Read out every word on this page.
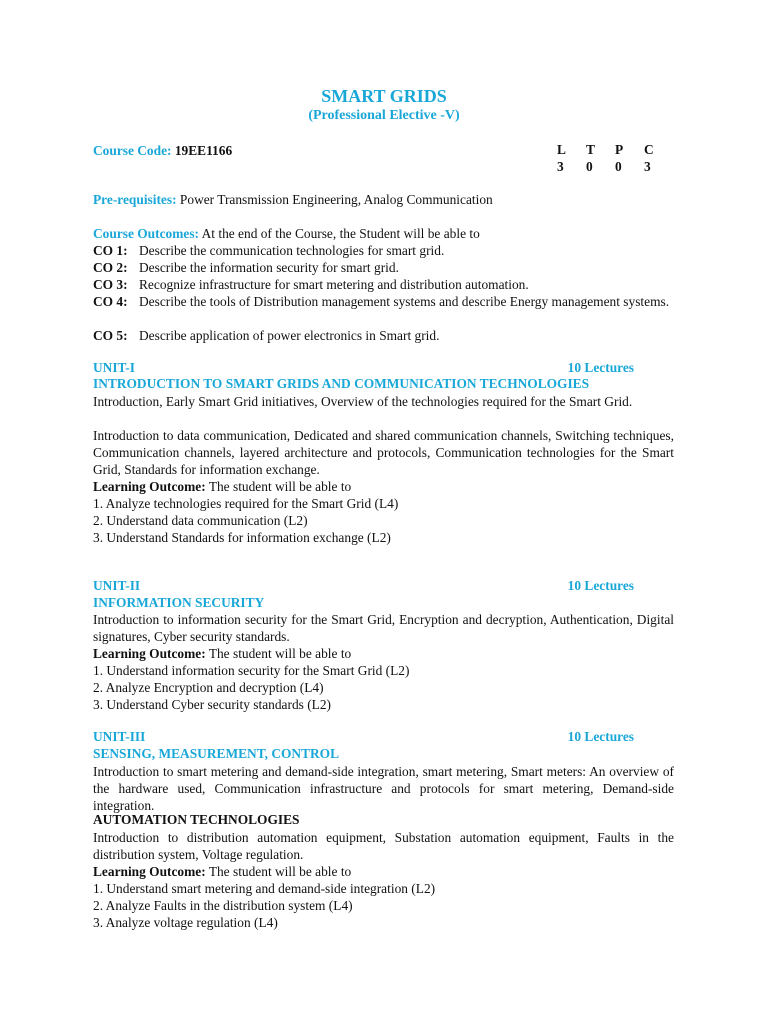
SMART GRIDS
(Professional Elective -V)
Course Code: 19EE1166	L	T	P	C
3	0	0	3
Pre-requisites: Power Transmission Engineering, Analog Communication
Course Outcomes: At the end of the Course, the Student will be able to
CO 1: Describe the communication technologies for smart grid.
CO 2: Describe the information security for smart grid.
CO 3: Recognize infrastructure for smart metering and distribution automation.
CO 4: Describe the tools of Distribution management systems and describe Energy management systems.
CO 5: Describe application of power electronics in Smart grid.
UNIT-I	10 Lectures
INTRODUCTION TO SMART GRIDS AND COMMUNICATION TECHNOLOGIES
Introduction, Early Smart Grid initiatives, Overview of the technologies required for the Smart Grid.
Introduction to data communication, Dedicated and shared communication channels, Switching techniques, Communication channels, layered architecture and protocols, Communication technologies for the Smart Grid, Standards for information exchange.
Learning Outcome: The student will be able to
1. Analyze technologies required for the Smart Grid (L4)
2. Understand data communication (L2)
3. Understand Standards for information exchange (L2)
UNIT-II	10 Lectures
INFORMATION SECURITY
Introduction to information security for the Smart Grid, Encryption and decryption, Authentication, Digital signatures, Cyber security standards.
Learning Outcome: The student will be able to
1. Understand information security for the Smart Grid (L2)
2. Analyze Encryption and decryption (L4)
3. Understand Cyber security standards (L2)
UNIT-III	10 Lectures
SENSING, MEASUREMENT, CONTROL
Introduction to smart metering and demand-side integration, smart metering, Smart meters: An overview of the hardware used, Communication infrastructure and protocols for smart metering, Demand-side integration.
AUTOMATION TECHNOLOGIES
Introduction to distribution automation equipment, Substation automation equipment, Faults in the distribution system, Voltage regulation.
Learning Outcome: The student will be able to
1. Understand smart metering and demand-side integration (L2)
2. Analyze Faults in the distribution system (L4)
3. Analyze voltage regulation (L4)
